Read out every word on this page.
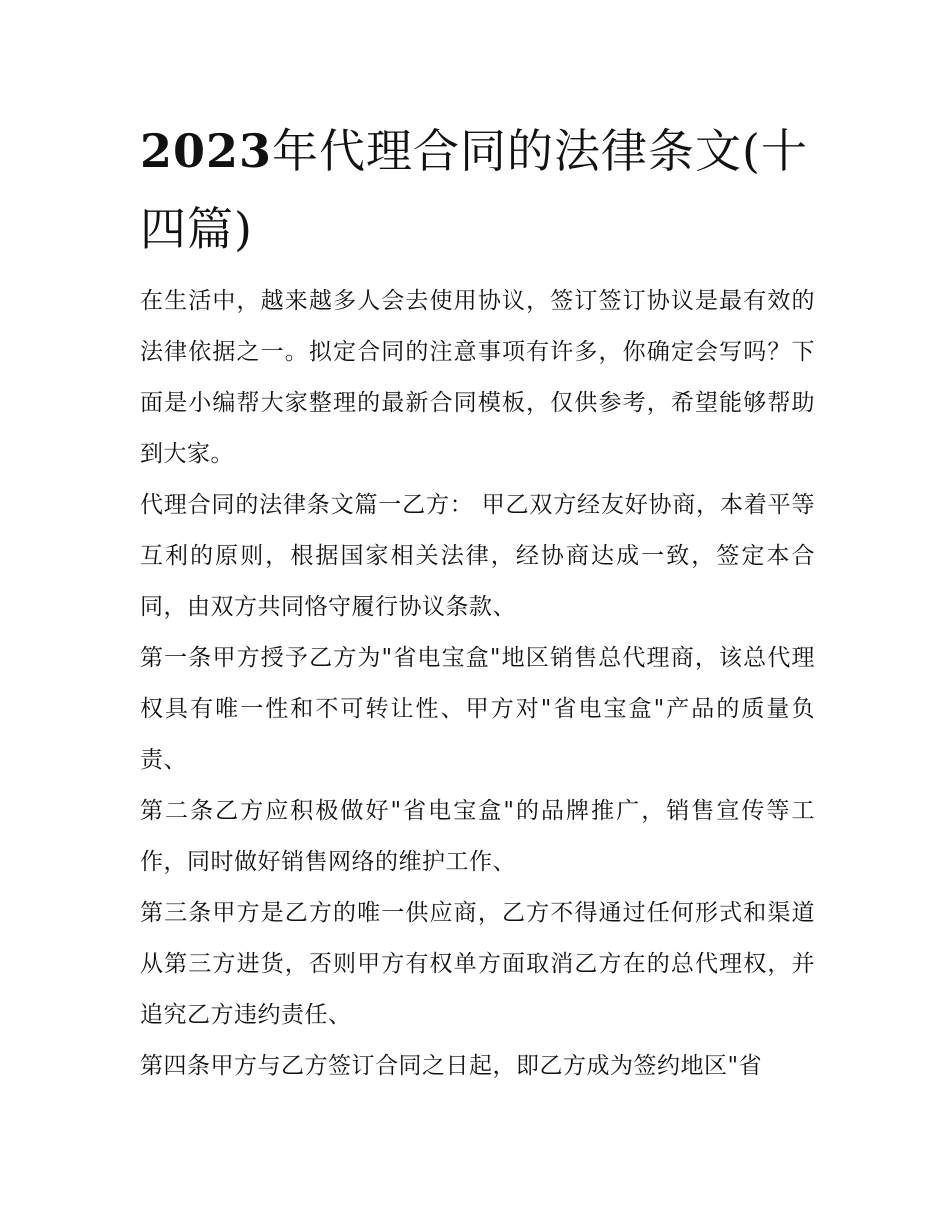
2023年代理合同的法律条文(十四篇)

在生活中，越来越多人会去使用协议，签订签订协议是最有效的法律依据之一。拟定合同的注意事项有许多，你确定会写吗？下面是小编帮大家整理的最新合同模板，仅供参考，希望能够帮助到大家。

代理合同的法律条文篇一乙方： 甲乙双方经友好协商，本着平等互利的原则，根据国家相关法律，经协商达成一致，签定本合同，由双方共同恪守履行协议条款、

第一条甲方授予乙方为"省电宝盒"地区销售总代理商，该总代理权具有唯一性和不可转让性、甲方对"省电宝盒"产品的质量负责、

第二条乙方应积极做好"省电宝盒"的品牌推广，销售宣传等工作，同时做好销售网络的维护工作、

第三条甲方是乙方的唯一供应商，乙方不得通过任何形式和渠道从第三方进货，否则甲方有权单方面取消乙方在的总代理权，并追究乙方违约责任、

第四条甲方与乙方签订合同之日起，即乙方成为签约地区"省
